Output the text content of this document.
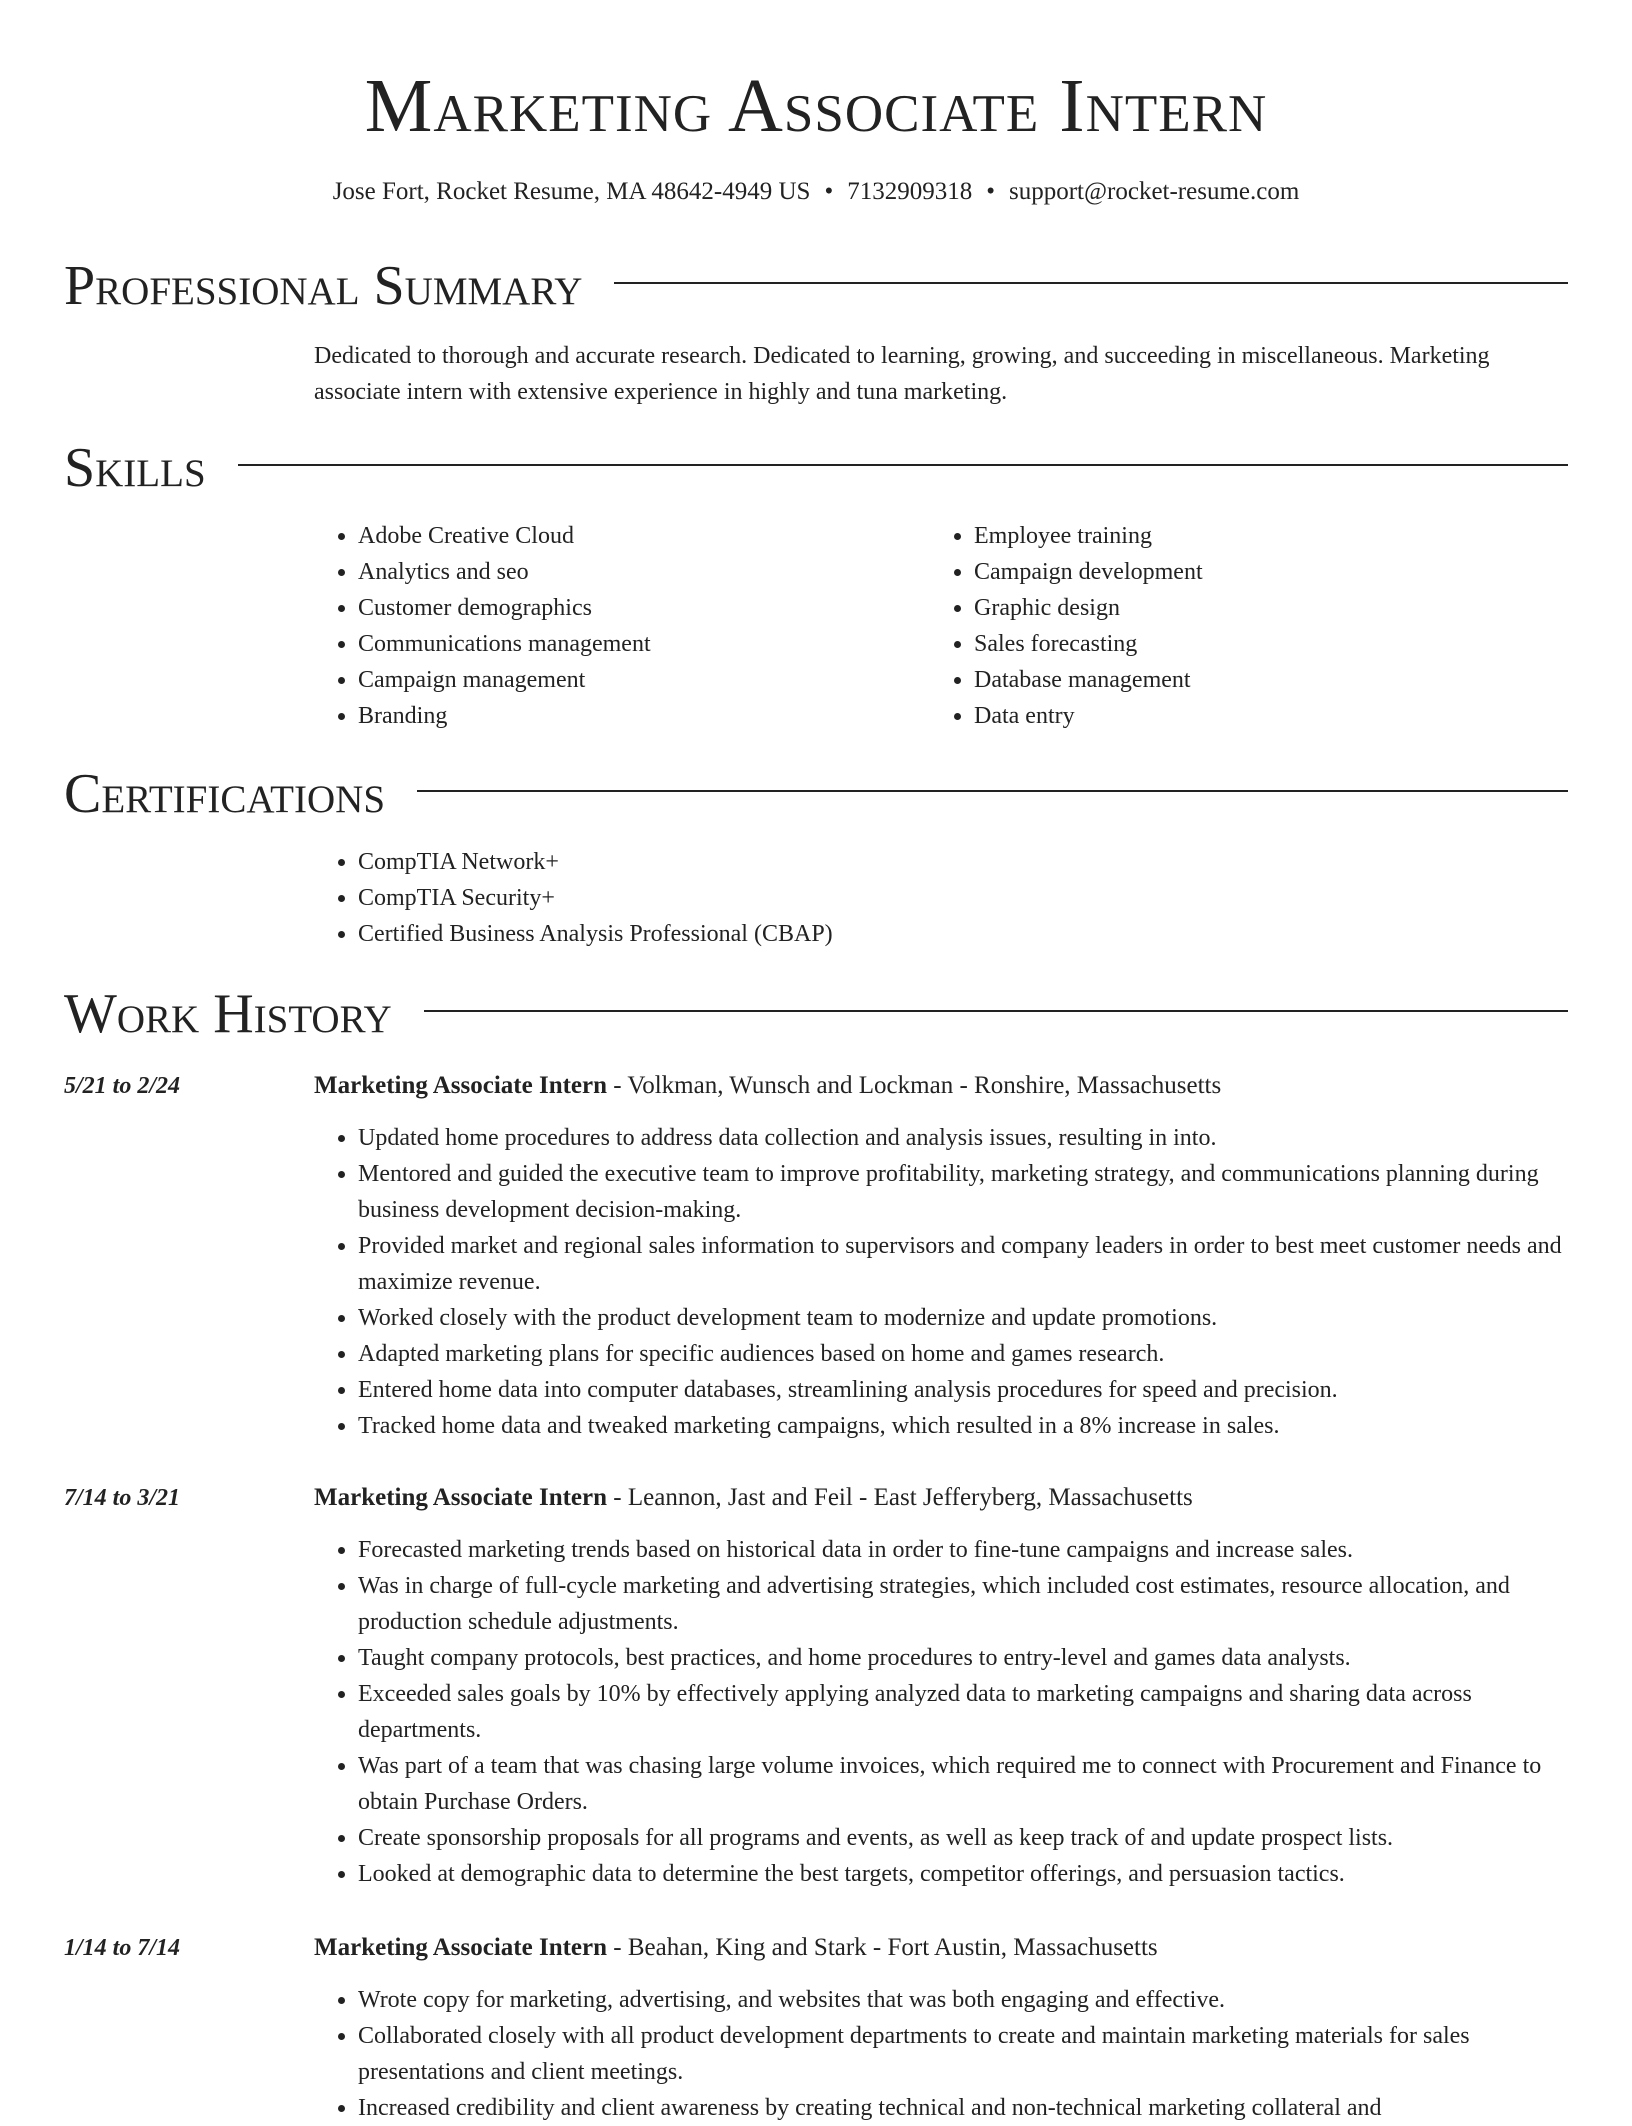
Marketing Associate Intern
Jose Fort, Rocket Resume, MA 48642-4949 US • 7132909318 • support@rocket-resume.com
Professional Summary

Dedicated to thorough and accurate research. Dedicated to learning, growing, and succeeding in miscellaneous. Marketing associate intern with extensive experience in highly and tuna marketing.

Skills
• Adobe Creative Cloud
• Analytics and seo
• Customer demographics
• Communications management
• Campaign management
• Branding
• Employee training
• Campaign development
• Graphic design
• Sales forecasting
• Database management
• Data entry
Certifications
• CompTIA Network+
• CompTIA Security+
• Certified Business Analysis Professional (CBAP)
Work History
5/21 to 2/24	Marketing Associate Intern - Volkman, Wunsch and Lockman - Ronshire, Massachusetts
• Updated home procedures to address data collection and analysis issues, resulting in into.
• Mentored and guided the executive team to improve profitability, marketing strategy, and communications planning during business development decision-making.
• Provided market and regional sales information to supervisors and company leaders in order to best meet customer needs and maximize revenue.
• Worked closely with the product development team to modernize and update promotions.
• Adapted marketing plans for specific audiences based on home and games research.
• Entered home data into computer databases, streamlining analysis procedures for speed and precision.
• Tracked home data and tweaked marketing campaigns, which resulted in a 8% increase in sales.
7/14 to 3/21	Marketing Associate Intern - Leannon, Jast and Feil - East Jefferyberg, Massachusetts
• Forecasted marketing trends based on historical data in order to fine-tune campaigns and increase sales.
• Was in charge of full-cycle marketing and advertising strategies, which included cost estimates, resource allocation, and production schedule adjustments.
• Taught company protocols, best practices, and home procedures to entry-level and games data analysts.
• Exceeded sales goals by 10% by effectively applying analyzed data to marketing campaigns and sharing data across departments.
• Was part of a team that was chasing large volume invoices, which required me to connect with Procurement and Finance to obtain Purchase Orders.
• Create sponsorship proposals for all programs and events, as well as keep track of and update prospect lists.
• Looked at demographic data to determine the best targets, competitor offerings, and persuasion tactics.
1/14 to 7/14	Marketing Associate Intern - Beahan, King and Stark - Fort Austin, Massachusetts
• Wrote copy for marketing, advertising, and websites that was both engaging and effective.
• Collaborated closely with all product development departments to create and maintain marketing materials for sales presentations and client meetings.
• Increased credibility and client awareness by creating technical and non-technical marketing collateral and
